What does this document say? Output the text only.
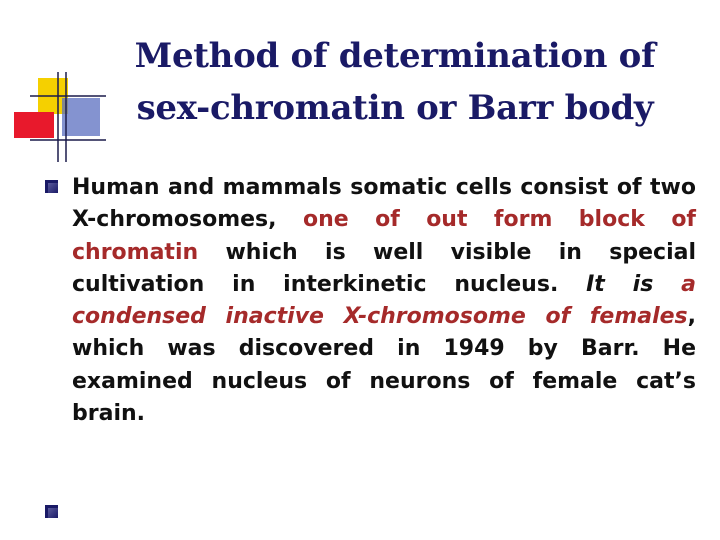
Method of determination of
sex-chromatin or Barr body

Human and mammals somatic cells consist of two X-chromosomes, one of out form block of chromatin which is well visible in special cultivation in interkinetic nucleus. It is a condensed inactive X-chromosome of females, which was discovered in 1949 by Barr. He examined nucleus of neurons of female cat’s brain.
